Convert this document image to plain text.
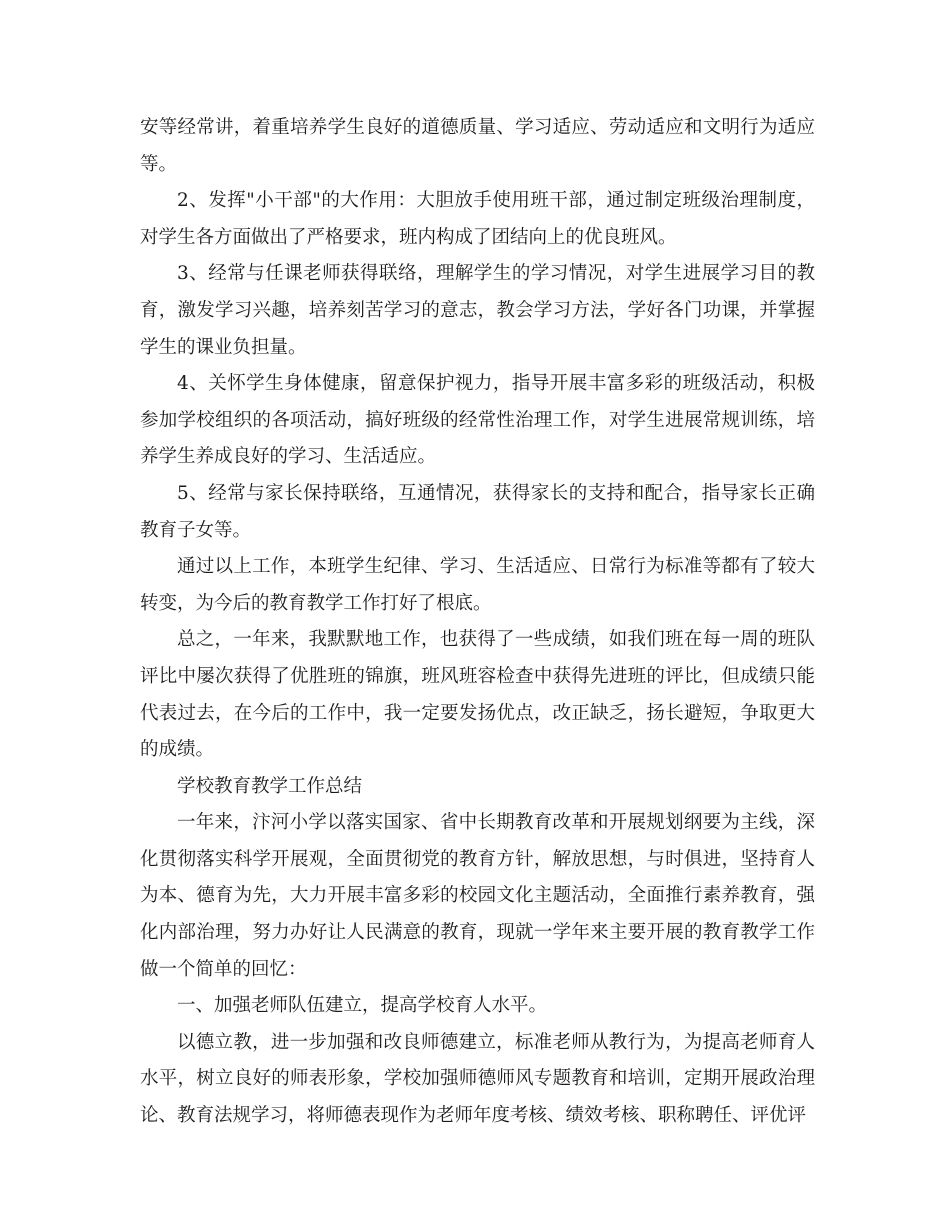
安等经常讲，着重培养学生良好的道德质量、学习适应、劳动适应和文明行为适应等。

2、发挥"小干部"的大作用：大胆放手使用班干部，通过制定班级治理制度，对学生各方面做出了严格要求，班内构成了团结向上的优良班风。

3、经常与任课老师获得联络，理解学生的学习情况，对学生进展学习目的教育，激发学习兴趣，培养刻苦学习的意志，教会学习方法，学好各门功课，并掌握学生的课业负担量。

4、关怀学生身体健康，留意保护视力，指导开展丰富多彩的班级活动，积极参加学校组织的各项活动，搞好班级的经常性治理工作，对学生进展常规训练，培养学生养成良好的学习、生活适应。

5、经常与家长保持联络，互通情况，获得家长的支持和配合，指导家长正确教育子女等。

通过以上工作，本班学生纪律、学习、生活适应、日常行为标准等都有了较大转变，为今后的教育教学工作打好了根底。

总之，一年来，我默默地工作，也获得了一些成绩，如我们班在每一周的班队评比中屡次获得了优胜班的锦旗，班风班容检查中获得先进班的评比，但成绩只能代表过去，在今后的工作中，我一定要发扬优点，改正缺乏，扬长避短，争取更大的成绩。

学校教育教学工作总结

一年来，汴河小学以落实国家、省中长期教育改革和开展规划纲要为主线，深化贯彻落实科学开展观，全面贯彻党的教育方针，解放思想，与时俱进，坚持育人为本、德育为先，大力开展丰富多彩的校园文化主题活动，全面推行素养教育，强化内部治理，努力办好让人民满意的教育，现就一学年来主要开展的教育教学工作做一个简单的回忆：

一、加强老师队伍建立，提高学校育人水平。

以德立教，进一步加强和改良师德建立，标准老师从教行为，为提高老师育人水平，树立良好的师表形象，学校加强师德师风专题教育和培训，定期开展政治理论、教育法规学习，将师德表现作为老师年度考核、绩效考核、职称聘任、评优评
